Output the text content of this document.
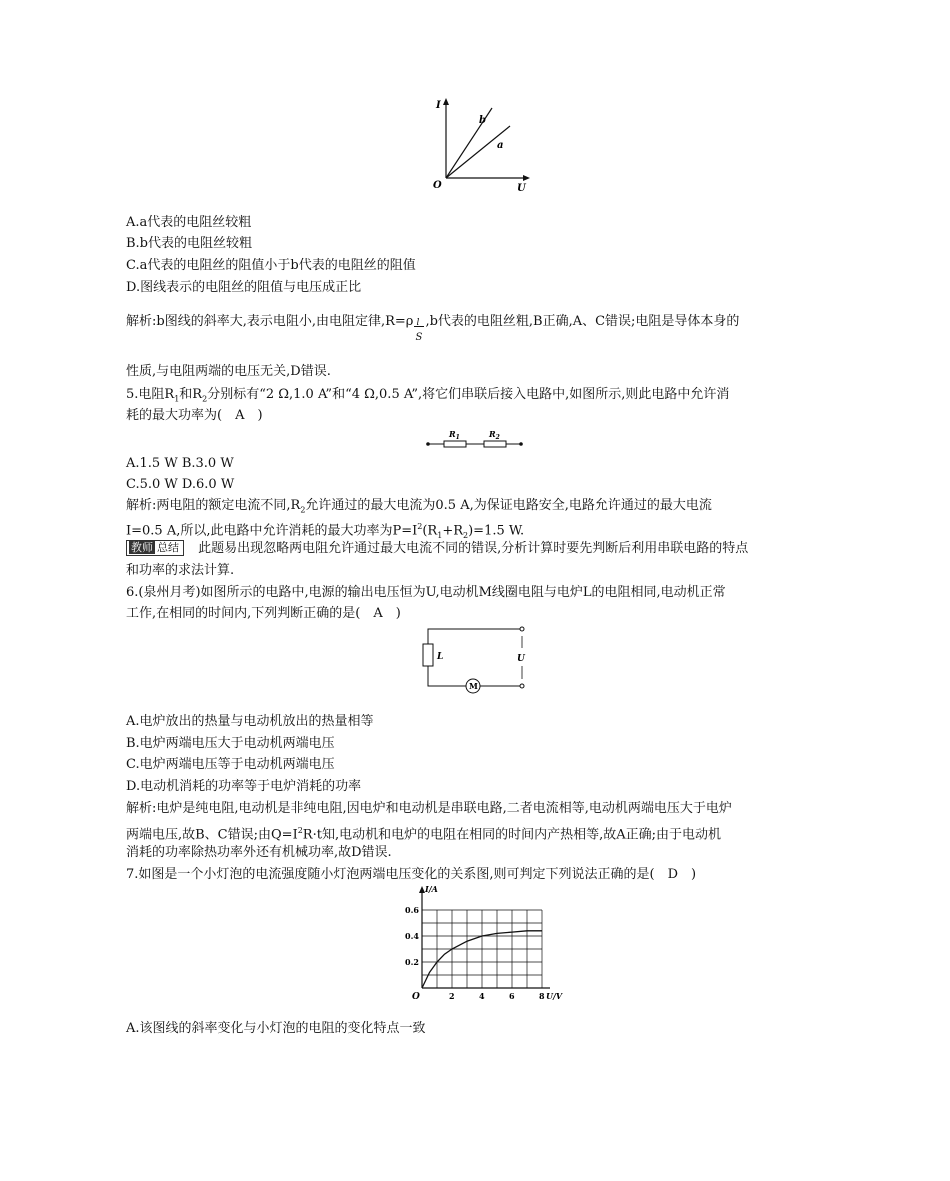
I
U
O
b
a
A.a代表的电阻丝较粗
B.b代表的电阻丝较粗
C.a代表的电阻丝的阻值小于b代表的电阻丝的阻值
D.图线表示的电阻丝的阻值与电压成正比
解析:b图线的斜率大,表示电阻小,由电阻定律$,R=\rho \frac{l}{S} ,b$代表的电阻丝粗,B正确,A、C错误;电阻是导体本身的
性质,与电阻两端的电压无关,D错误.
5.电阻$R_1$和$R_2$分别标有“2 Ω,1.0 A”和“4 Ω,0.5 A”,将它们串联后接入电路中,如图所示,则此电路中允许消
耗的最大功率为(　A　)
$R_1$	$R_2$
A.1.5 W B.3.0 W
C.5.0 W D.6.0 W
解析:两电阻的额定电流不同$,R_2$允许通过的最大电流为0.5 A,为保证电路安全,电路允许通过的最大电流
I=0.5 A,所以,此电路中允许消耗的最大功率为$P=I^2(R_1+R_2)=1.5$ W.
教师 总结 此题易出现忽略两电阻允许通过最大电流不同的错误,分析计算时要先判断后利用串联电路的特点
和功率的求法计算.
6.(泉州月考)如图所示的电路中,电源的输出电压恒为U,电动机M线圈电阻与电炉L的电阻相同,电动机正常
工作,在相同的时间内,下列判断正确的是(　A　)
L	U
M
A.电炉放出的热量与电动机放出的热量相等
B.电炉两端电压大于电动机两端电压
C.电炉两端电压等于电动机两端电压
D.电动机消耗的功率等于电炉消耗的功率
解析:电炉是纯电阻,电动机是非纯电阻,因电炉和电动机是串联电路,二者电流相等,电动机两端电压大于电炉
两端电压,故B、C错误;由$Q=I^2R\cdot t$知,电动机和电炉的电阻在相同的时间内产热相等,故A正确;由于电动机
消耗的功率除热功率外还有机械功率,故D错误.
7.如图是一个小灯泡的电流强度随小灯泡两端电压变化的关系图,则可判定下列说法正确的是(　D　)
2	4	6	8
0.2
0.4
0.6
O
I/A
U/V
A.该图线的斜率变化与小灯泡的电阻的变化特点一致
